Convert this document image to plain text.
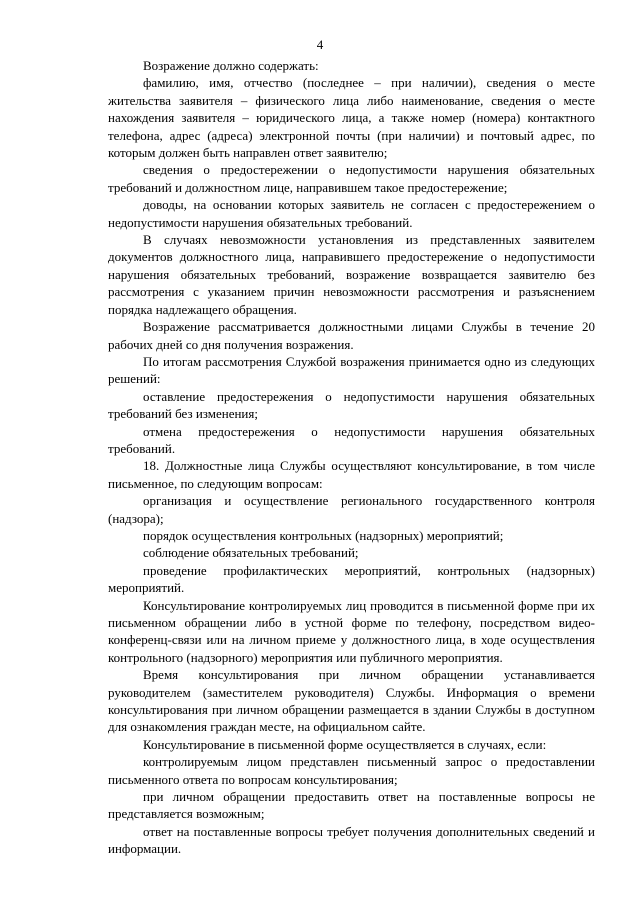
4

Возражение должно содержать:

фамилию, имя, отчество (последнее – при наличии), сведения о месте жительства заявителя – физического лица либо наименование, сведения о месте нахождения заявителя – юридического лица, а также номер (номера) контактного телефона, адрес (адреса) электронной почты (при наличии) и почтовый адрес, по которым должен быть направлен ответ заявителю;

сведения о предостережении о недопустимости нарушения обязательных требований и должностном лице, направившем такое предостережение;

доводы, на основании которых заявитель не согласен с предостережением о недопустимости нарушения обязательных требований.

В случаях невозможности установления из представленных заявителем документов должностного лица, направившего предостережение о недопустимости нарушения обязательных требований, возражение возвращается заявителю без рассмотрения с указанием причин невозможности рассмотрения и разъяснением порядка надлежащего обращения.

Возражение рассматривается должностными лицами Службы в течение 20 рабочих дней со дня получения возражения.

По итогам рассмотрения Службой возражения принимается одно из следующих решений:

оставление предостережения о недопустимости нарушения обязательных требований без изменения;

отмена предостережения о недопустимости нарушения обязательных требований.

18. Должностные лица Службы осуществляют консультирование, в том числе письменное, по следующим вопросам:

организация и осуществление регионального государственного контроля (надзора);

порядок осуществления контрольных (надзорных) мероприятий;

соблюдение обязательных требований;

проведение профилактических мероприятий, контрольных (надзорных) мероприятий.

Консультирование контролируемых лиц проводится в письменной форме при их письменном обращении либо в устной форме по телефону, посредством видео-конференц-связи или на личном приеме у должностного лица, в ходе осуществления контрольного (надзорного) мероприятия или публичного мероприятия.

Время консультирования при личном обращении устанавливается руководителем (заместителем руководителя) Службы. Информация о времени консультирования при личном обращении размещается в здании Службы в доступном для ознакомления граждан месте, на официальном сайте.

Консультирование в письменной форме осуществляется в случаях, если:

контролируемым лицом представлен письменный запрос о предоставлении письменного ответа по вопросам консультирования;

при личном обращении предоставить ответ на поставленные вопросы не представляется возможным;

ответ на поставленные вопросы требует получения дополнительных сведений и информации.
